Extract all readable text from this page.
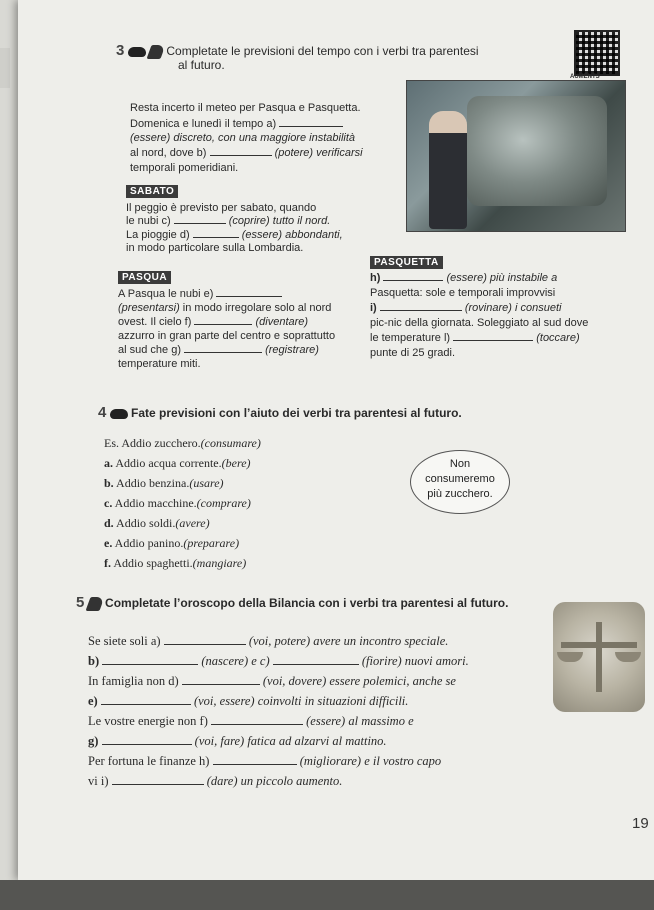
3	Completate le previsioni del tempo con i verbi tra parentesi
al futuro.
AUMENTS
Resta incerto il meteo per Pasqua e Pasquetta.
Domenica e lunedì il tempo a)
(essere) discreto, con una maggiore instabilità
al nord, dove b)	(potere) verificarsi
temporali pomeridiani.
SABATO
Il peggio è previsto per sabato, quando
le nubi c)	(coprire) tutto il nord.
La pioggie d)	(essere) abbondanti,
in modo particolare sulla Lombardia.
PASQUA
A Pasqua le nubi e)
(presentarsi) in modo irregolare solo al nord
ovest. Il cielo f)	(diventare)
azzurro in gran parte del centro e soprattutto
al sud che g)	(registrare)
temperature miti.
PASQUETTA
h)	(essere) più instabile a
Pasquetta: sole e temporali improvvisi
i)	(rovinare) i consueti
pic-nic della giornata. Soleggiato al sud dove
le temperature l)	(toccare)
punte di 25 gradi.
4 Fate previsioni con l’aiuto dei verbi tra parentesi al futuro.
Es. Addio zucchero.(consumare)
a. Addio acqua corrente.(bere)
b. Addio benzina.(usare)
c. Addio macchine.(comprare)
d. Addio soldi.(avere)
e. Addio panino.(preparare)
f. Addio spaghetti.(mangiare)
Non
consumeremo
più zucchero.
5 Completate l’oroscopo della Bilancia con i verbi tra parentesi al futuro.
Se siete soli a)	(voi, potere) avere un incontro speciale.
b)	(nascere) e c)	(fiorire) nuovi amori.
In famiglia non d)	(voi, dovere) essere polemici, anche se
e)	(voi, essere) coinvolti in situazioni difficili.
Le vostre energie non f)	(essere) al massimo e
g)	(voi, fare) fatica ad alzarvi al mattino.
Per fortuna le finanze h)	(migliorare) e il vostro capo
vi i)	(dare) un piccolo aumento.
19
